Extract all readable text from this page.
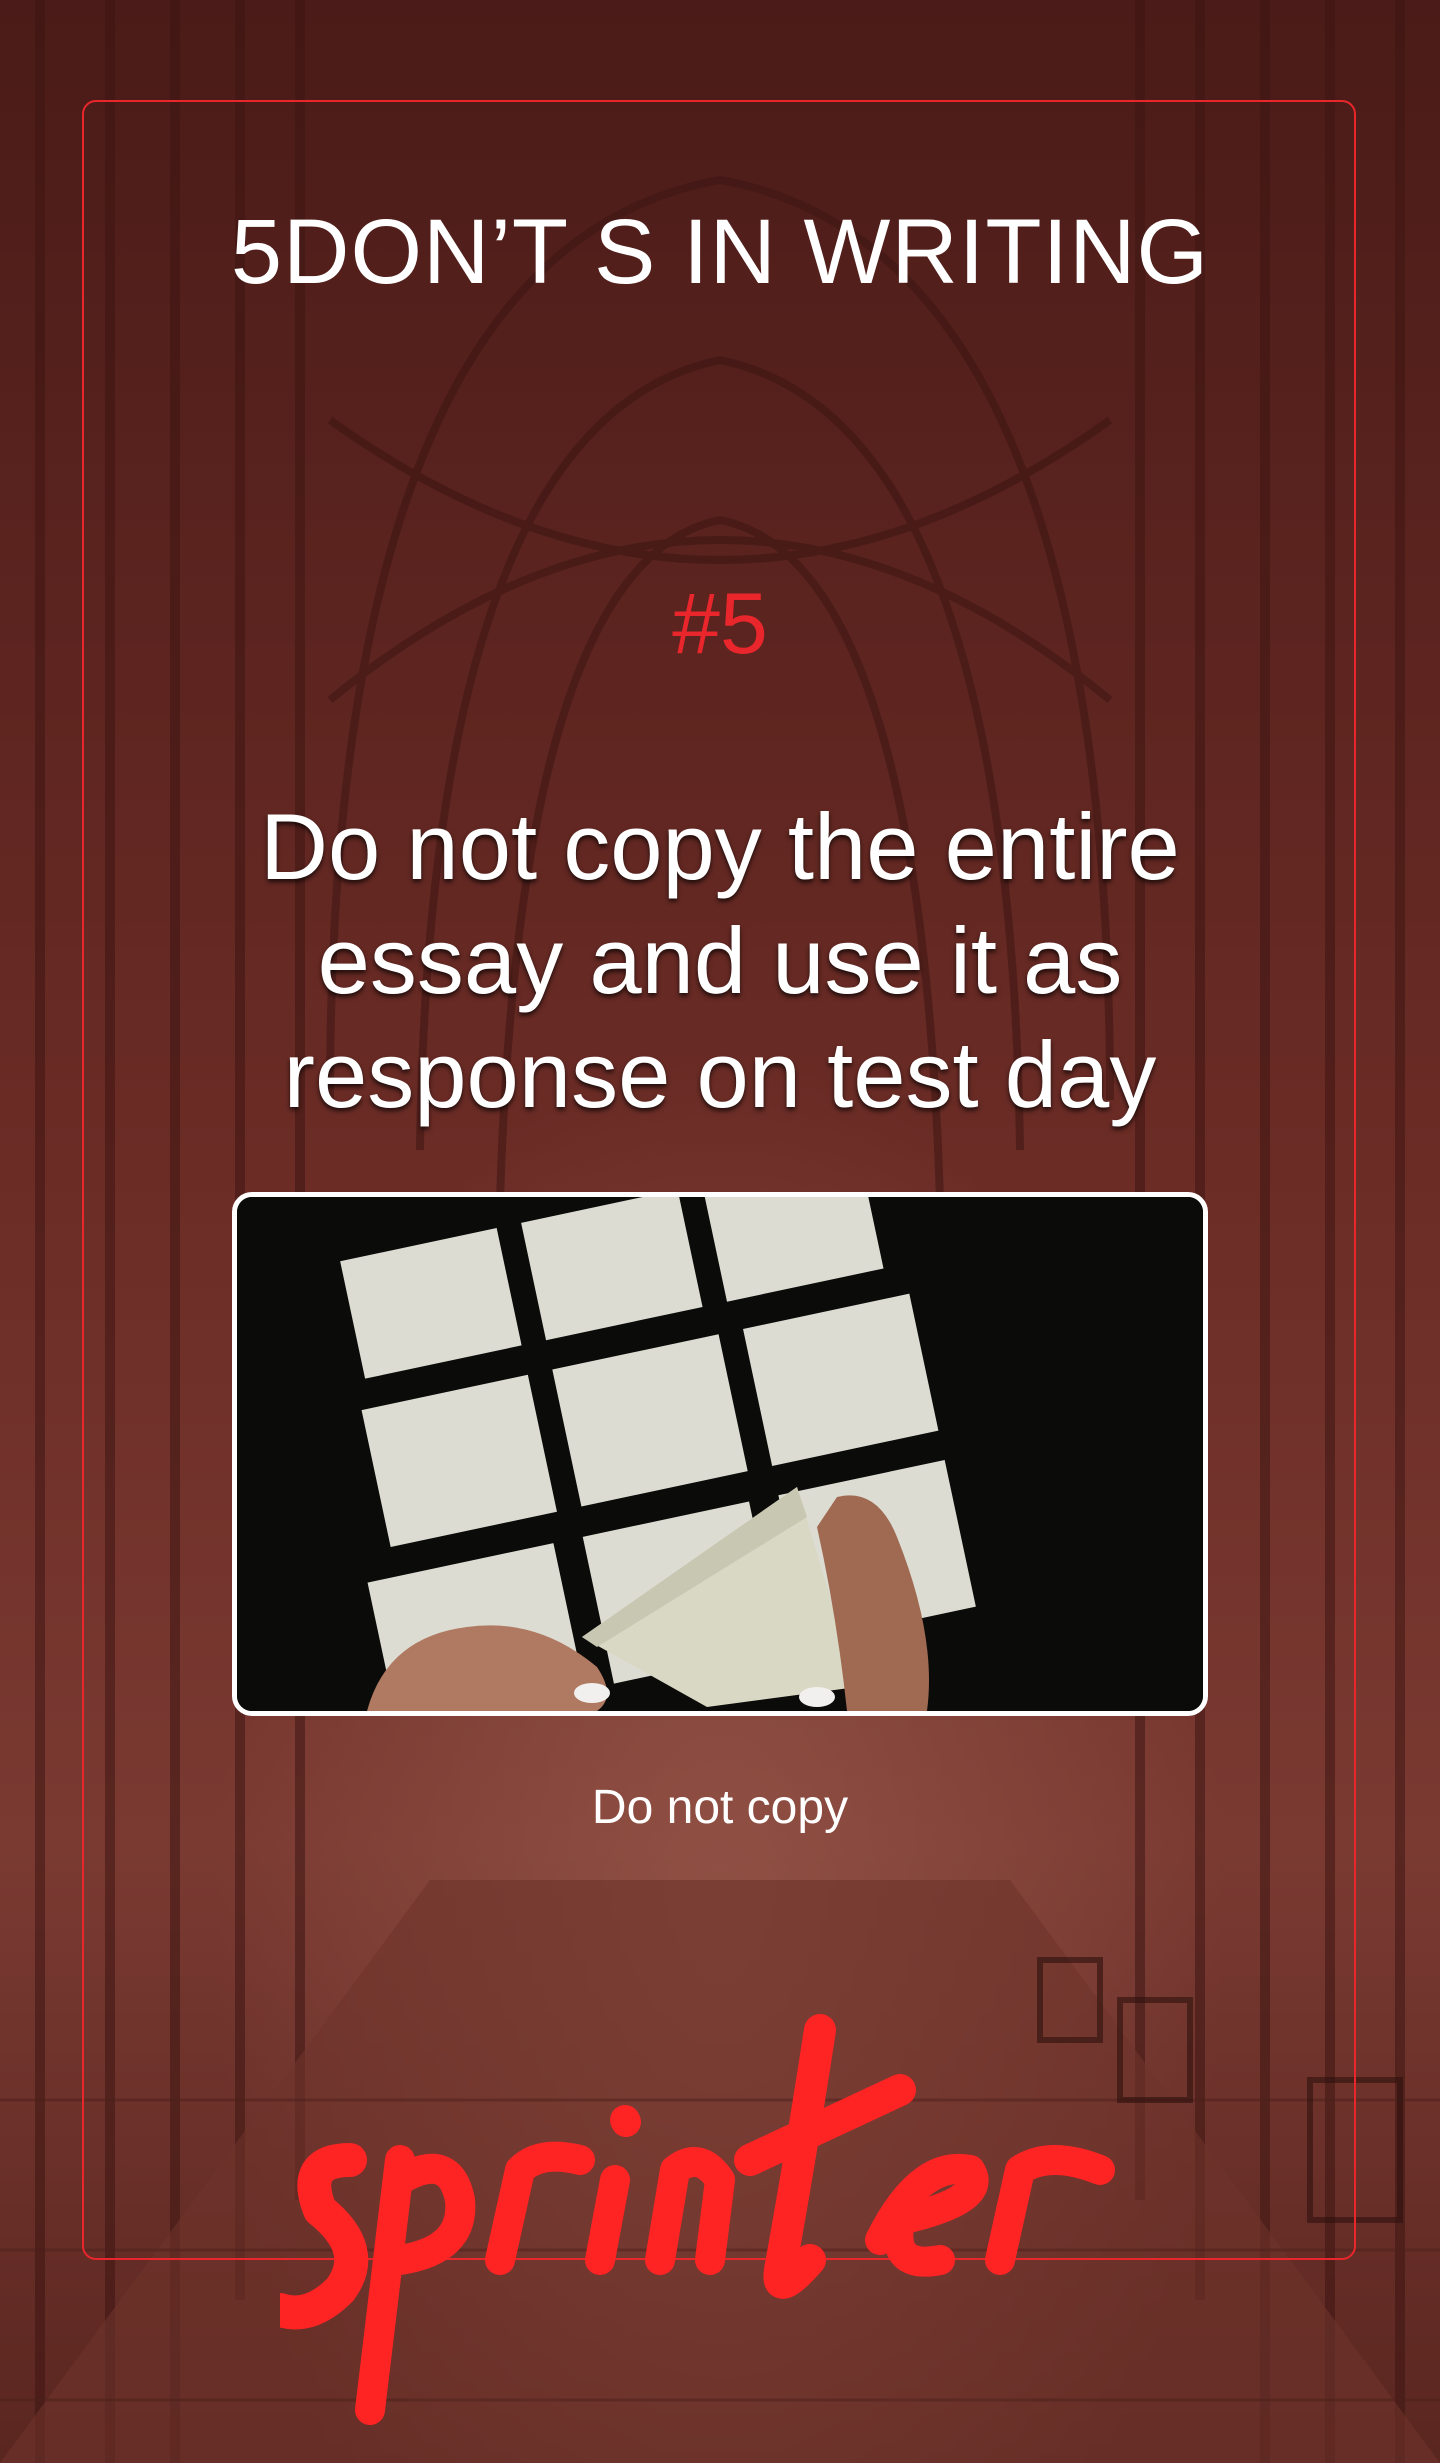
5DON’T S IN WRITING
#5
Do not copy the entire essay and use it as response on test day
Do not copy
